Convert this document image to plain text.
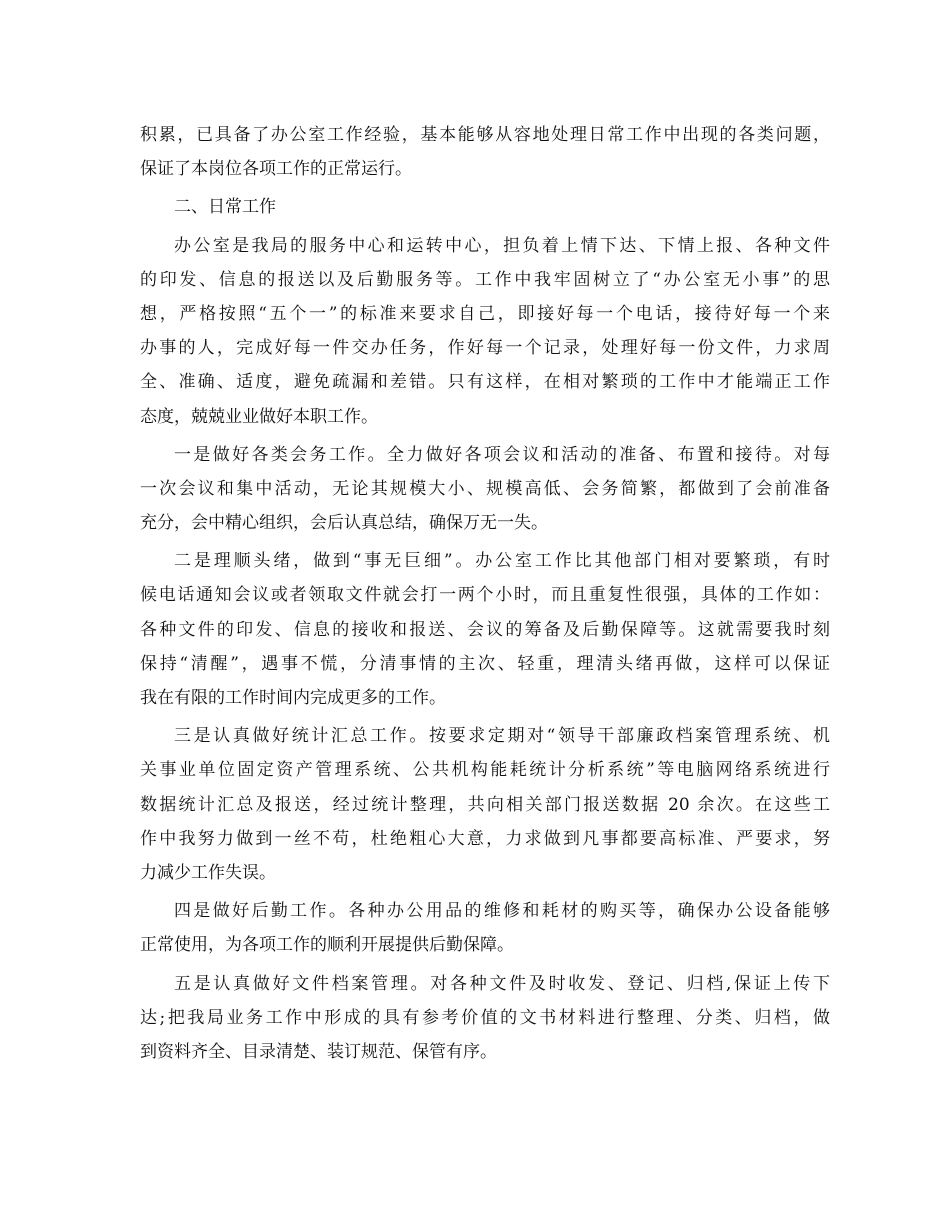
积累，已具备了办公室工作经验，基本能够从容地处理日常工作中出现的各类问题，
保证了本岗位各项工作的正常运行。
二、日常工作
办公室是我局的服务中心和运转中心，担负着上情下达、下情上报、各种文件
的印发、信息的报送以及后勤服务等。工作中我牢固树立了“办公室无小事”的思
想，严格按照“五个一”的标准来要求自己，即接好每一个电话，接待好每一个来
办事的人，完成好每一件交办任务，作好每一个记录，处理好每一份文件，力求周
全、准确、适度，避免疏漏和差错。只有这样，在相对繁琐的工作中才能端正工作
态度，兢兢业业做好本职工作。
一是做好各类会务工作。全力做好各项会议和活动的准备、布置和接待。对每
一次会议和集中活动，无论其规模大小、规模高低、会务简繁，都做到了会前准备
充分，会中精心组织，会后认真总结，确保万无一失。
二是理顺头绪，做到“事无巨细”。办公室工作比其他部门相对要繁琐，有时
候电话通知会议或者领取文件就会打一两个小时，而且重复性很强，具体的工作如：
各种文件的印发、信息的接收和报送、会议的筹备及后勤保障等。这就需要我时刻
保持“清醒”，遇事不慌，分清事情的主次、轻重，理清头绪再做，这样可以保证
我在有限的工作时间内完成更多的工作。
三是认真做好统计汇总工作。按要求定期对“领导干部廉政档案管理系统、机
关事业单位固定资产管理系统、公共机构能耗统计分析系统”等电脑网络系统进行
数据统计汇总及报送，经过统计整理，共向相关部门报送数据 20 余次。在这些工
作中我努力做到一丝不苟，杜绝粗心大意，力求做到凡事都要高标准、严要求，努
力减少工作失误。
四是做好后勤工作。各种办公用品的维修和耗材的购买等，确保办公设备能够
正常使用，为各项工作的顺利开展提供后勤保障。
五是认真做好文件档案管理。对各种文件及时收发、登记、归档,保证上传下
达;把我局业务工作中形成的具有参考价值的文书材料进行整理、分类、归档，做
到资料齐全、目录清楚、装订规范、保管有序。
